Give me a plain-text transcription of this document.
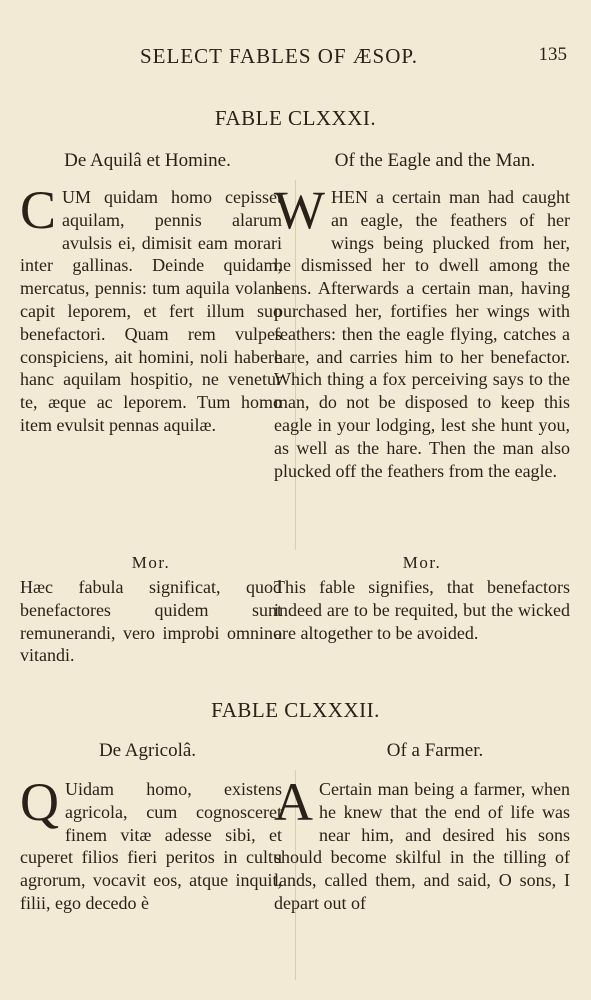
SELECT FABLES OF ÆSOP.	135
FABLE CLXXXI.
De Aquilâ et Homine.	Of the Eagle and the Man.
C UM quidam homo cepisset aquilam, pennis alarum avulsis ei, dimisit eam morari inter gallinas. Deinde quidam, mercatus, pennis: tum aquila volans capit leporem, et fert illum suo benefactori. Quam rem vulpes conspiciens, ait homini, noli habere hanc aquilam hospitio, ne venetur te, æque ac leporem. Tum homo item evulsit pennas aquilæ.
W HEN a certain man had caught an eagle, the feathers of her wings being plucked from her, he dismissed her to dwell among the hens. Afterwards a certain man, having purchased her, fortifies her wings with feathers: then the eagle flying, catches a hare, and carries him to her benefactor. Which thing a fox perceiving says to the man, do not be disposed to keep this eagle in your lodging, lest she hunt you, as well as the hare. Then the man also plucked off the feathers from the eagle.
Mor.	Mor.
Hæc fabula significat, quod benefactores quidem sunt remunerandi, vero improbi omnino vitandi.
This fable signifies, that benefactors indeed are to be requited, but the wicked are altogether to be avoided.
FABLE CLXXXII.
De Agricolâ.	Of a Farmer.
Q Uidam homo, existens agricola, cum cognosceret finem vitæ adesse sibi, et cuperet filios fieri peritos in cultu agrorum, vocavit eos, atque inquit, filii, ego decedo è
A Certain man being a farmer, when he knew that the end of life was near him, and desired his sons should become skilful in the tilling of lands, called them, and said, O sons, I depart out of
